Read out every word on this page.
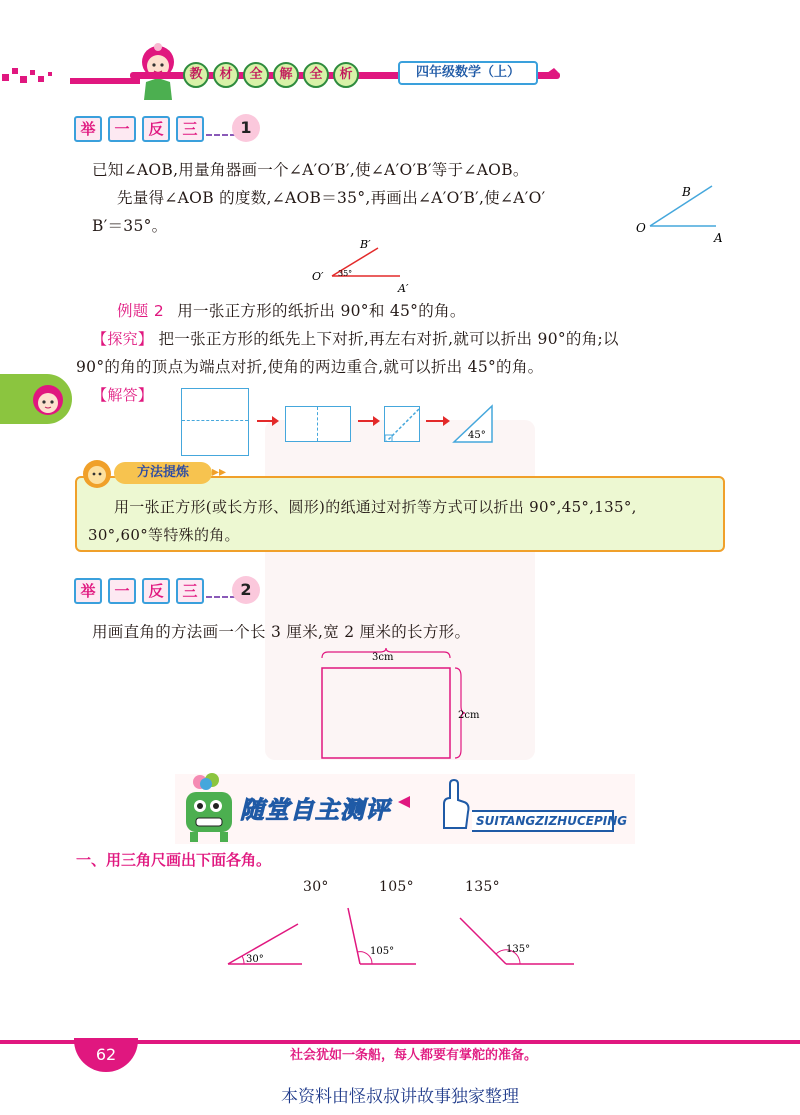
教	材	全	解	全	析	四年级数学（上）
举	一	反	三	1
已知∠AOB,用量角器画一个∠A′O′B′,使∠A′O′B′等于∠AOB。
先量得∠AOB 的度数,∠AOB＝35°,再画出∠A′O′B′,使∠A′O′
B′＝35°。
B
O
A
B′
O′
A′
35°
例题 2 用一张正方形的纸折出 90°和 45°的角。
【探究】 把一张正方形的纸先上下对折,再左右对折,就可以折出 90°的角;以
90°的角的顶点为端点对折,使角的两边重合,就可以折出 45°的角。
【解答】
45°
方法提炼	▸▸
用一张正方形(或长方形、圆形)的纸通过对折等方式可以折出 90°,45°,135°,
30°,60°等特殊的角。
举	一	反	三	2
用画直角的方法画一个长 3 厘米,宽 2 厘米的长方形。
3cm
2cm
随堂自主测评	SUITANGZIZHUCEPING
一、用三角尺画出下面各角。
30°	105°	135°
30°
105°	135°
62	社会犹如一条船，每人都要有掌舵的准备。
本资料由怪叔叔讲故事独家整理
